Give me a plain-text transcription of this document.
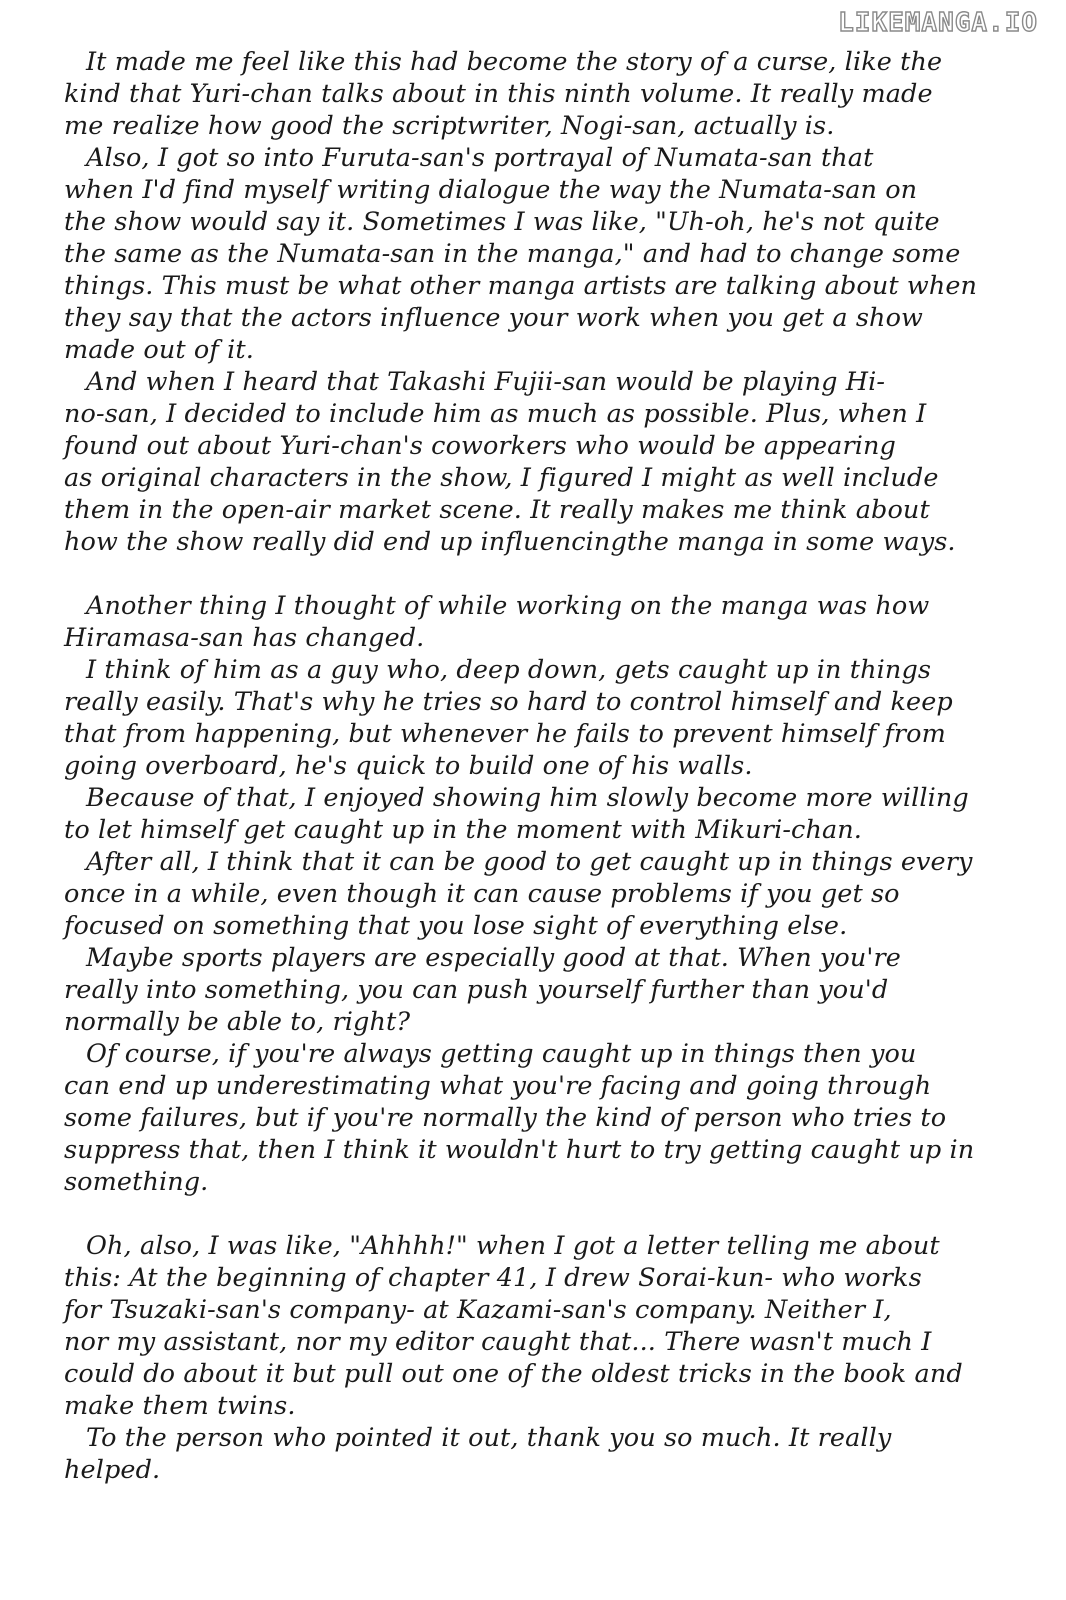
LIKEMANGA.IO
It made me feel like this had become the story of a curse, like the
kind that Yuri-chan talks about in this ninth volume. It really made
me realize how good the scriptwriter, Nogi-san, actually is.
Also, I got so into Furuta-san's portrayal of Numata-san that
when I'd find myself writing dialogue the way the Numata-san on
the show would say it. Sometimes I was like, "Uh-oh, he's not quite
the same as the Numata-san in the manga," and had to change some
things. This must be what other manga artists are talking about when
they say that the actors influence your work when you get a show
made out of it.
And when I heard that Takashi Fujii-san would be playing Hi-
no-san, I decided to include him as much as possible. Plus, when I
found out about Yuri-chan's coworkers who would be appearing
as original characters in the show, I figured I might as well include
them in the open-air market scene. It really makes me think about
how the show really did end up influencingthe manga in some ways.
Another thing I thought of while working on the manga was how
Hiramasa-san has changed.
I think of him as a guy who, deep down, gets caught up in things
really easily. That's why he tries so hard to control himself and keep
that from happening, but whenever he fails to prevent himself from
going overboard, he's quick to build one of his walls.
Because of that, I enjoyed showing him slowly become more willing
to let himself get caught up in the moment with Mikuri-chan.
After all, I think that it can be good to get caught up in things every
once in a while, even though it can cause problems if you get so
focused on something that you lose sight of everything else.
Maybe sports players are especially good at that. When you're
really into something, you can push yourself further than you'd
normally be able to, right?
Of course, if you're always getting caught up in things then you
can end up underestimating what you're facing and going through
some failures, but if you're normally the kind of person who tries to
suppress that, then I think it wouldn't hurt to try getting caught up in
something.
Oh, also, I was like, "Ahhhh!" when I got a letter telling me about
this: At the beginning of chapter 41, I drew Sorai-kun- who works
for Tsuzaki-san's company- at Kazami-san's company. Neither I,
nor my assistant, nor my editor caught that... There wasn't much I
could do about it but pull out one of the oldest tricks in the book and
make them twins.
To the person who pointed it out, thank you so much. It really
helped.
